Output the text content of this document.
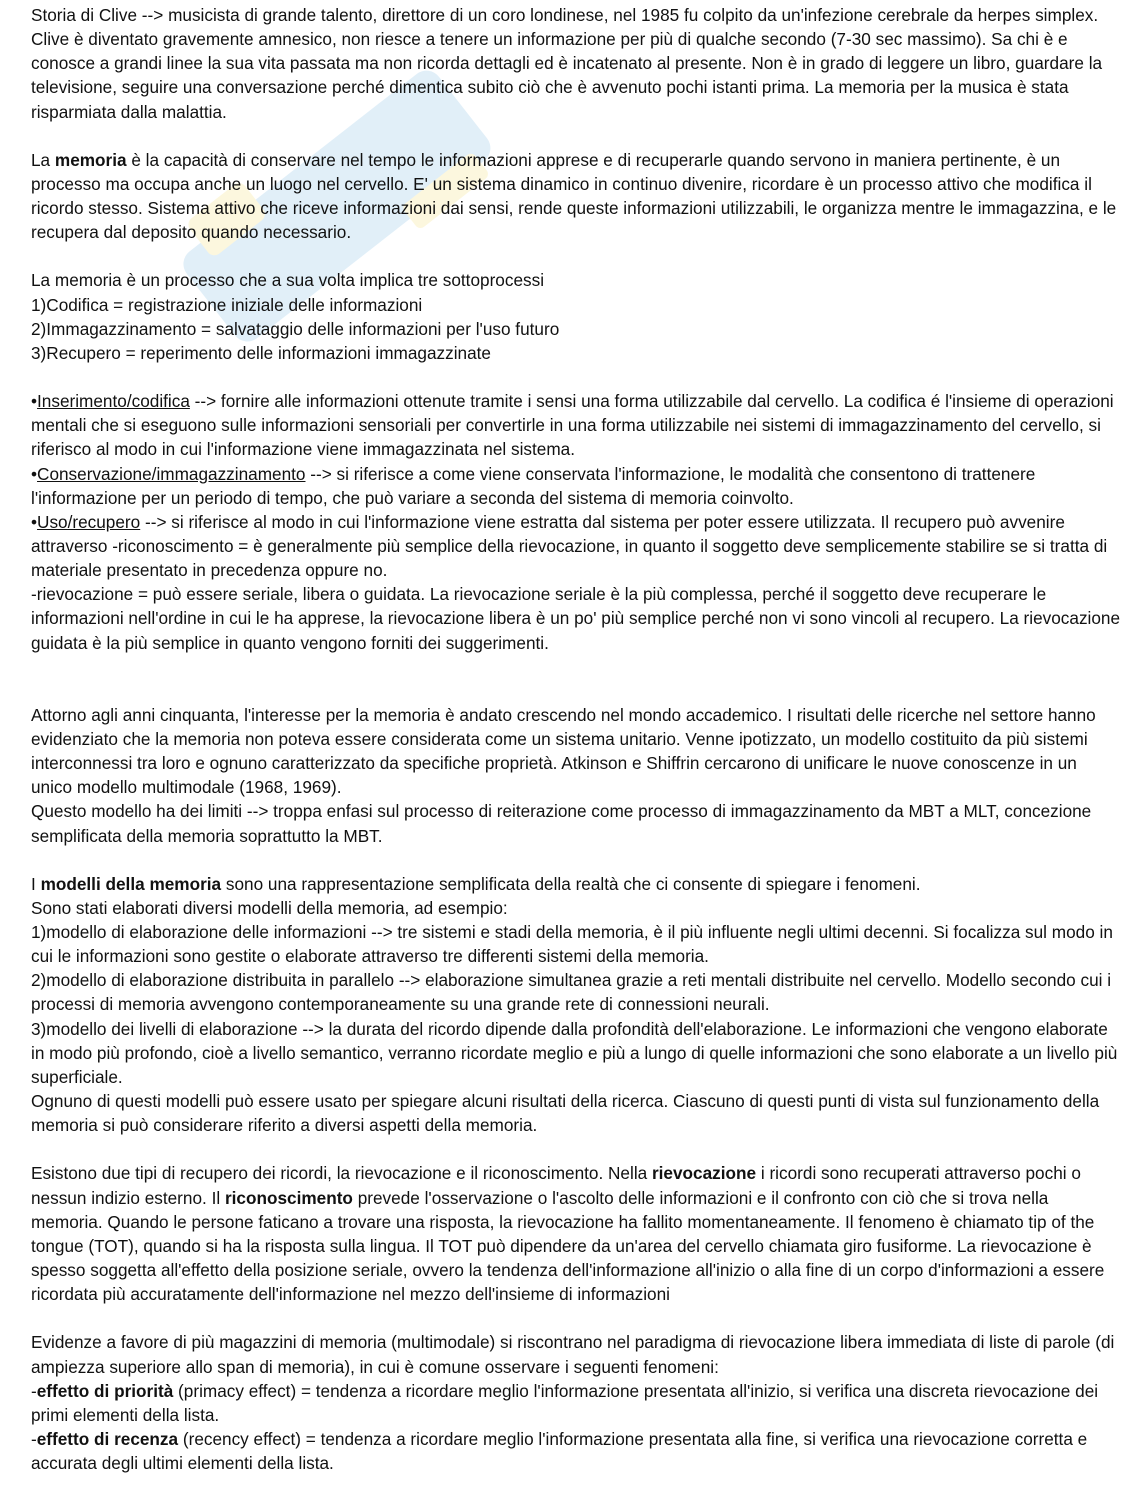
Storia di Clive --> musicista di grande talento, direttore di un coro londinese, nel 1985 fu colpito da un'infezione cerebrale da herpes simplex. Clive è diventato gravemente amnesico, non riesce a tenere un informazione per più di qualche secondo (7-30 sec massimo). Sa chi è e conosce a grandi linee la sua vita passata ma non ricorda dettagli ed è incatenato al presente. Non è in grado di leggere un libro, guardare la televisione, seguire una conversazione perché dimentica subito ciò che è avvenuto pochi istanti prima. La memoria per la musica è stata risparmiata dalla malattia.

La memoria è la capacità di conservare nel tempo le informazioni apprese e di recuperarle quando servono in maniera pertinente, è un processo ma occupa anche un luogo nel cervello. E' un sistema dinamico in continuo divenire, ricordare è un processo attivo che modifica il ricordo stesso. Sistema attivo che riceve informazioni dai sensi, rende queste informazioni utilizzabili, le organizza mentre le immagazzina, e le recupera dal deposito quando necessario.

La memoria è un processo che a sua volta implica tre sottoprocessi

1)Codifica = registrazione iniziale delle informazioni

2)Immagazzinamento = salvataggio delle informazioni per l'uso futuro

3)Recupero = reperimento delle informazioni immagazzinate

•Inserimento/codifica --> fornire alle informazioni ottenute tramite i sensi una forma utilizzabile dal cervello. La codifica é l'insieme di operazioni mentali che si eseguono sulle informazioni sensoriali per convertirle in una forma utilizzabile nei sistemi di immagazzinamento del cervello, si riferisco al modo in cui l'informazione viene immagazzinata nel sistema.

•Conservazione/immagazzinamento --> si riferisce a come viene conservata l'informazione, le modalità che consentono di trattenere l'informazione per un periodo di tempo, che può variare a seconda del sistema di memoria coinvolto.

•Uso/recupero --> si riferisce al modo in cui l'informazione viene estratta dal sistema per poter essere utilizzata. Il recupero può avvenire attraverso -riconoscimento = è generalmente più semplice della rievocazione, in quanto il soggetto deve semplicemente stabilire se si tratta di materiale presentato in precedenza oppure no.

-rievocazione = può essere seriale, libera o guidata. La rievocazione seriale è la più complessa, perché il soggetto deve recuperare le informazioni nell'ordine in cui le ha apprese, la rievocazione libera è un po' più semplice perché non vi sono vincoli al recupero. La rievocazione guidata è la più semplice in quanto vengono forniti dei suggerimenti.

Attorno agli anni cinquanta, l'interesse per la memoria è andato crescendo nel mondo accademico. I risultati delle ricerche nel settore hanno evidenziato che la memoria non poteva essere considerata come un sistema unitario. Venne ipotizzato, un modello costituito da più sistemi interconnessi tra loro e ognuno caratterizzato da specifiche proprietà. Atkinson e Shiffrin cercarono di unificare le nuove conoscenze in un unico modello multimodale (1968, 1969).

Questo modello ha dei limiti --> troppa enfasi sul processo di reiterazione come processo di immagazzinamento da MBT a MLT, concezione semplificata della memoria soprattutto la MBT.

I modelli della memoria sono una rappresentazione semplificata della realtà che ci consente di spiegare i fenomeni.

Sono stati elaborati diversi modelli della memoria, ad esempio:

1)modello di elaborazione delle informazioni --> tre sistemi e stadi della memoria, è il più influente negli ultimi decenni. Si focalizza sul modo in cui le informazioni sono gestite o elaborate attraverso tre differenti sistemi della memoria.

2)modello di elaborazione distribuita in parallelo --> elaborazione simultanea grazie a reti mentali distribuite nel cervello. Modello secondo cui i processi di memoria avvengono contemporaneamente su una grande rete di connessioni neurali.

3)modello dei livelli di elaborazione --> la durata del ricordo dipende dalla profondità dell'elaborazione. Le informazioni che vengono elaborate in modo più profondo, cioè a livello semantico, verranno ricordate meglio e più a lungo di quelle informazioni che sono elaborate a un livello più superficiale.

Ognuno di questi modelli può essere usato per spiegare alcuni risultati della ricerca. Ciascuno di questi punti di vista sul funzionamento della memoria si può considerare riferito a diversi aspetti della memoria.

Esistono due tipi di recupero dei ricordi, la rievocazione e il riconoscimento. Nella rievocazione i ricordi sono recuperati attraverso pochi o nessun indizio esterno. Il riconoscimento prevede l'osservazione o l'ascolto delle informazioni e il confronto con ciò che si trova nella memoria. Quando le persone faticano a trovare una risposta, la rievocazione ha fallito momentaneamente. Il fenomeno è chiamato tip of the tongue (TOT), quando si ha la risposta sulla lingua. Il TOT può dipendere da un'area del cervello chiamata giro fusiforme. La rievocazione è spesso soggetta all'effetto della posizione seriale, ovvero la tendenza dell'informazione all'inizio o alla fine di un corpo d'informazioni a essere ricordata più accuratamente dell'informazione nel mezzo dell'insieme di informazioni

Evidenze a favore di più magazzini di memoria (multimodale) si riscontrano nel paradigma di rievocazione libera immediata di liste di parole (di ampiezza superiore allo span di memoria), in cui è comune osservare i seguenti fenomeni:

-effetto di priorità (primacy effect) = tendenza a ricordare meglio l'informazione presentata all'inizio, si verifica una discreta rievocazione dei primi elementi della lista.

-effetto di recenza (recency effect) = tendenza a ricordare meglio l'informazione presentata alla fine, si verifica una rievocazione corretta e accurata degli ultimi elementi della lista.
